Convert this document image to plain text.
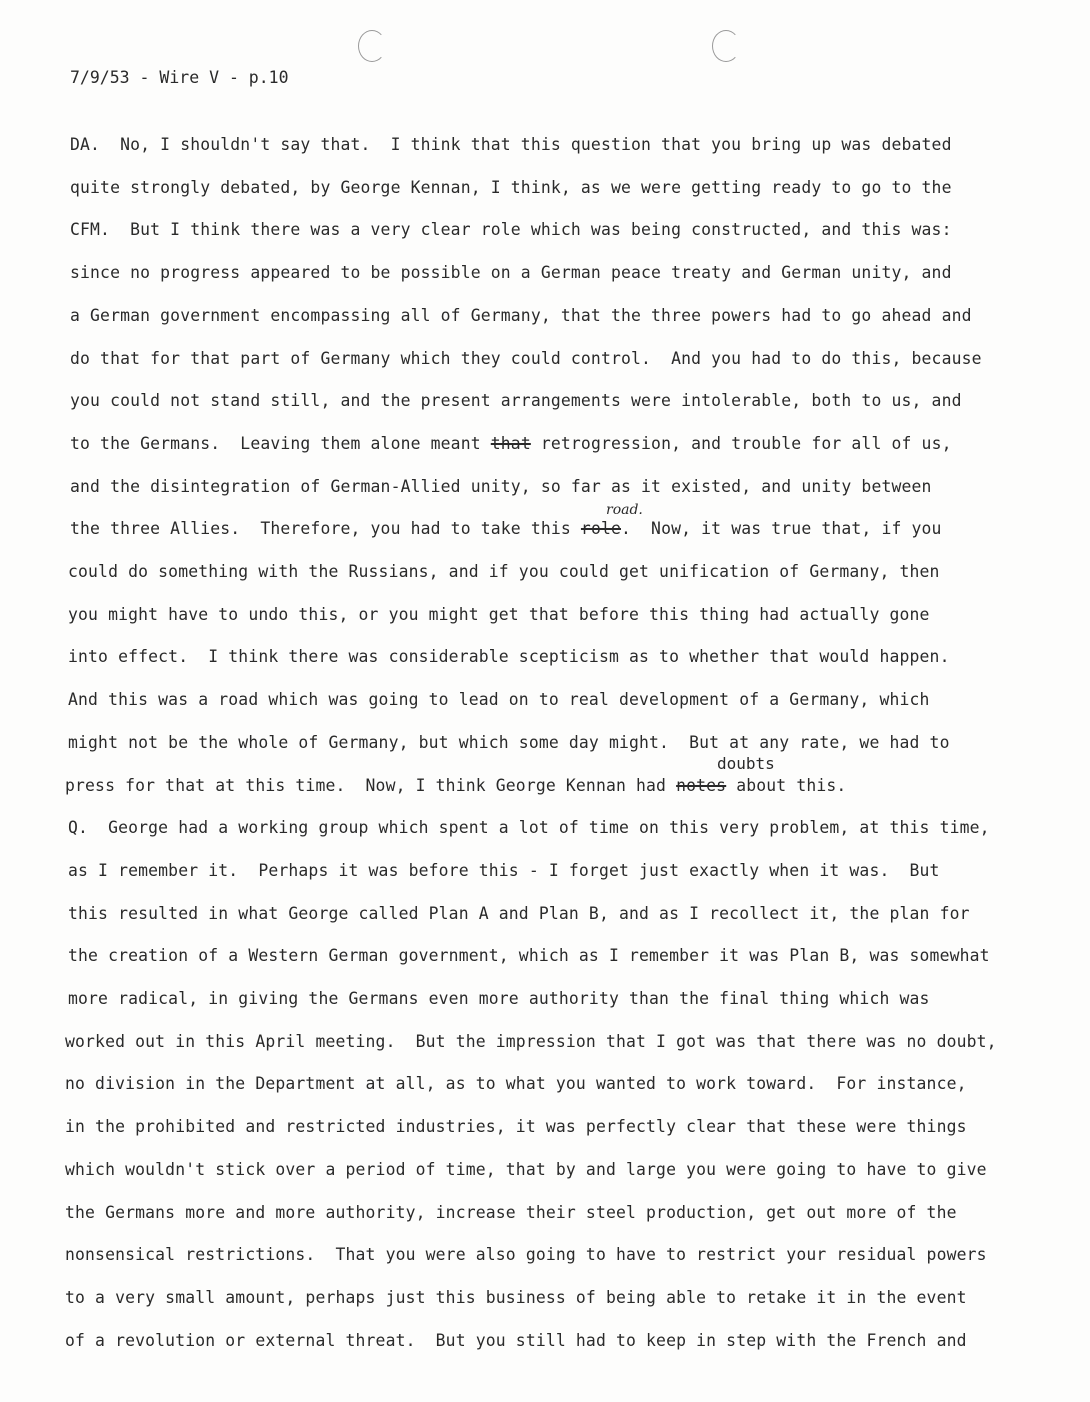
7/9/53 - Wire V - p.10
DA.  No, I shouldn't say that.  I think that this question that you bring up was debated
quite strongly debated, by George Kennan, I think, as we were getting ready to go to the
CFM.  But I think there was a very clear role which was being constructed, and this was:
since no progress appeared to be possible on a German peace treaty and German unity, and
a German government encompassing all of Germany, that the three powers had to go ahead and
do that for that part of Germany which they could control.  And you had to do this, because
you could not stand still, and the present arrangements were intolerable, both to us, and
to the Germans.  Leaving them alone meant that retrogression, and trouble for all of us,
and the disintegration of German-Allied unity, so far as it existed, and unity between
the three Allies.  Therefore, you had to take this role.  Now, it was true that, if you
could do something with the Russians, and if you could get unification of Germany, then
you might have to undo this, or you might get that before this thing had actually gone
into effect.  I think there was considerable scepticism as to whether that would happen.
And this was a road which was going to lead on to real development of a Germany, which
might not be the whole of Germany, but which some day might.  But at any rate, we had to
press for that at this time.  Now, I think George Kennan had notes about this.
Q.  George had a working group which spent a lot of time on this very problem, at this time,
as I remember it.  Perhaps it was before this - I forget just exactly when it was.  But
this resulted in what George called Plan A and Plan B, and as I recollect it, the plan for
the creation of a Western German government, which as I remember it was Plan B, was somewhat
more radical, in giving the Germans even more authority than the final thing which was
worked out in this April meeting.  But the impression that I got was that there was no doubt,
no division in the Department at all, as to what you wanted to work toward.  For instance,
in the prohibited and restricted industries, it was perfectly clear that these were things
which wouldn't stick over a period of time, that by and large you were going to have to give
the Germans more and more authority, increase their steel production, get out more of the
nonsensical restrictions.  That you were also going to have to restrict your residual powers
to a very small amount, perhaps just this business of being able to retake it in the event
of a revolution or external threat.  But you still had to keep in step with the French and
road.
doubts
